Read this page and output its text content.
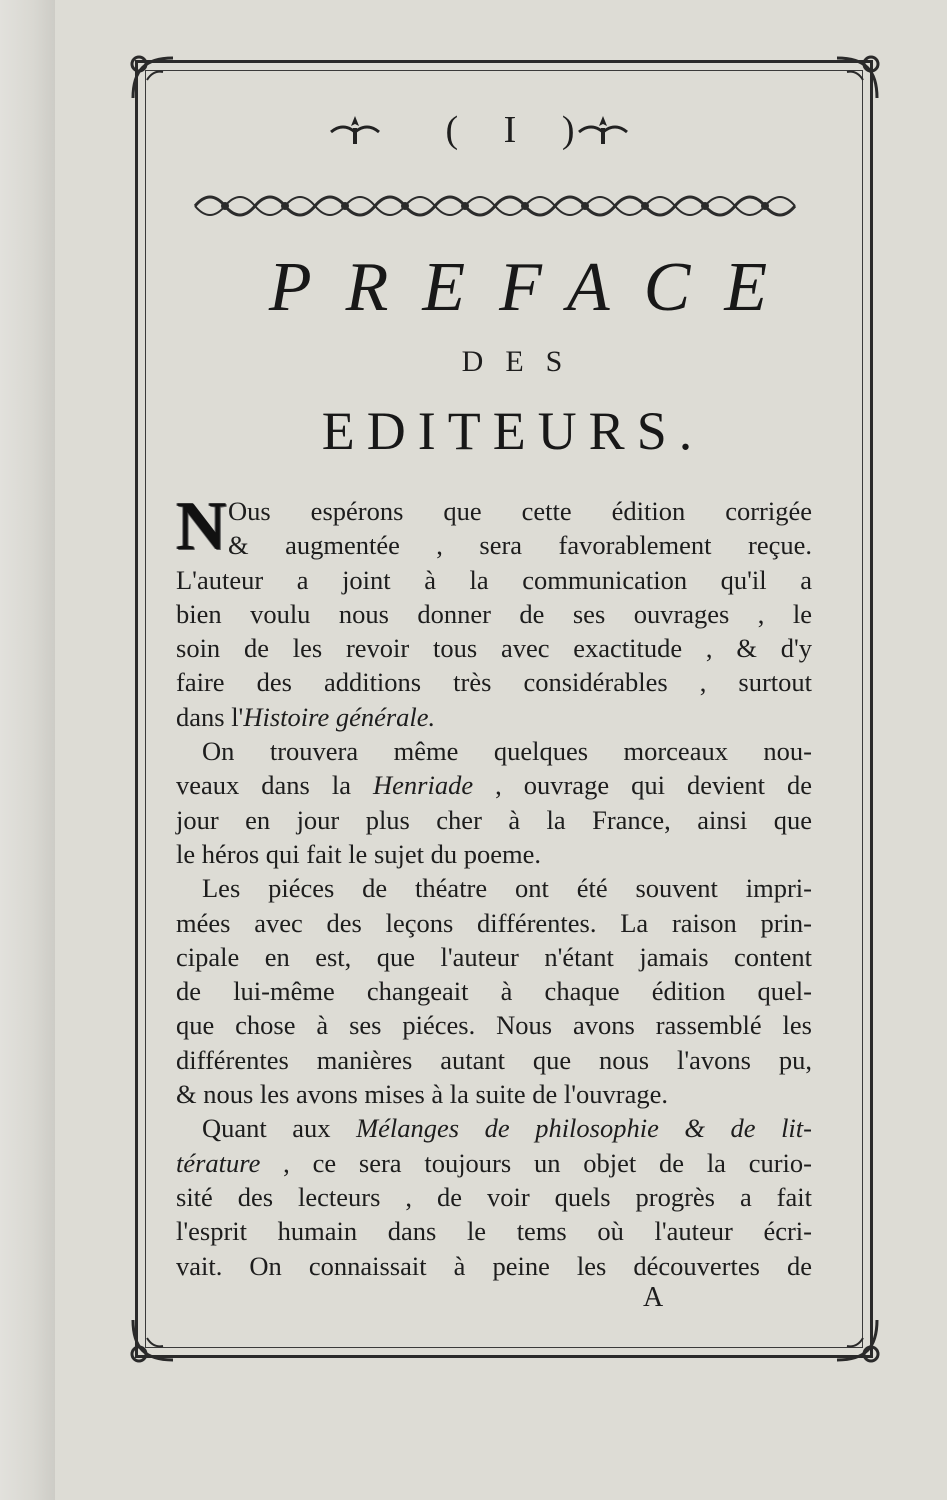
( I )
PREFACE
DES
EDITEURS.
N Ous espérons que cette édition corrigée
& augmentée , sera favorablement reçue.
L'auteur a joint à la communication qu'il a
bien voulu nous donner de ses ouvrages , le
soin de les revoir tous avec exactitude , & d'y
faire des additions très considérables , surtout
dans l'Histoire générale.
On trouvera même quelques morceaux nou-
veaux dans la Henriade , ouvrage qui devient de
jour en jour plus cher à la France, ainsi que
le héros qui fait le sujet du poeme.
Les piéces de théatre ont été souvent impri-
mées avec des leçons différentes. La raison prin-
cipale en est, que l'auteur n'étant jamais content
de lui-même changeait à chaque édition quel-
que chose à ses piéces. Nous avons rassemblé les
différentes manières autant que nous l'avons pu,
& nous les avons mises à la suite de l'ouvrage.
Quant aux Mélanges de philosophie & de lit-
térature , ce sera toujours un objet de la curio-
sité des lecteurs , de voir quels progrès a fait
l'esprit humain dans le tems où l'auteur écri-
vait. On connaissait à peine les découvertes de
A
